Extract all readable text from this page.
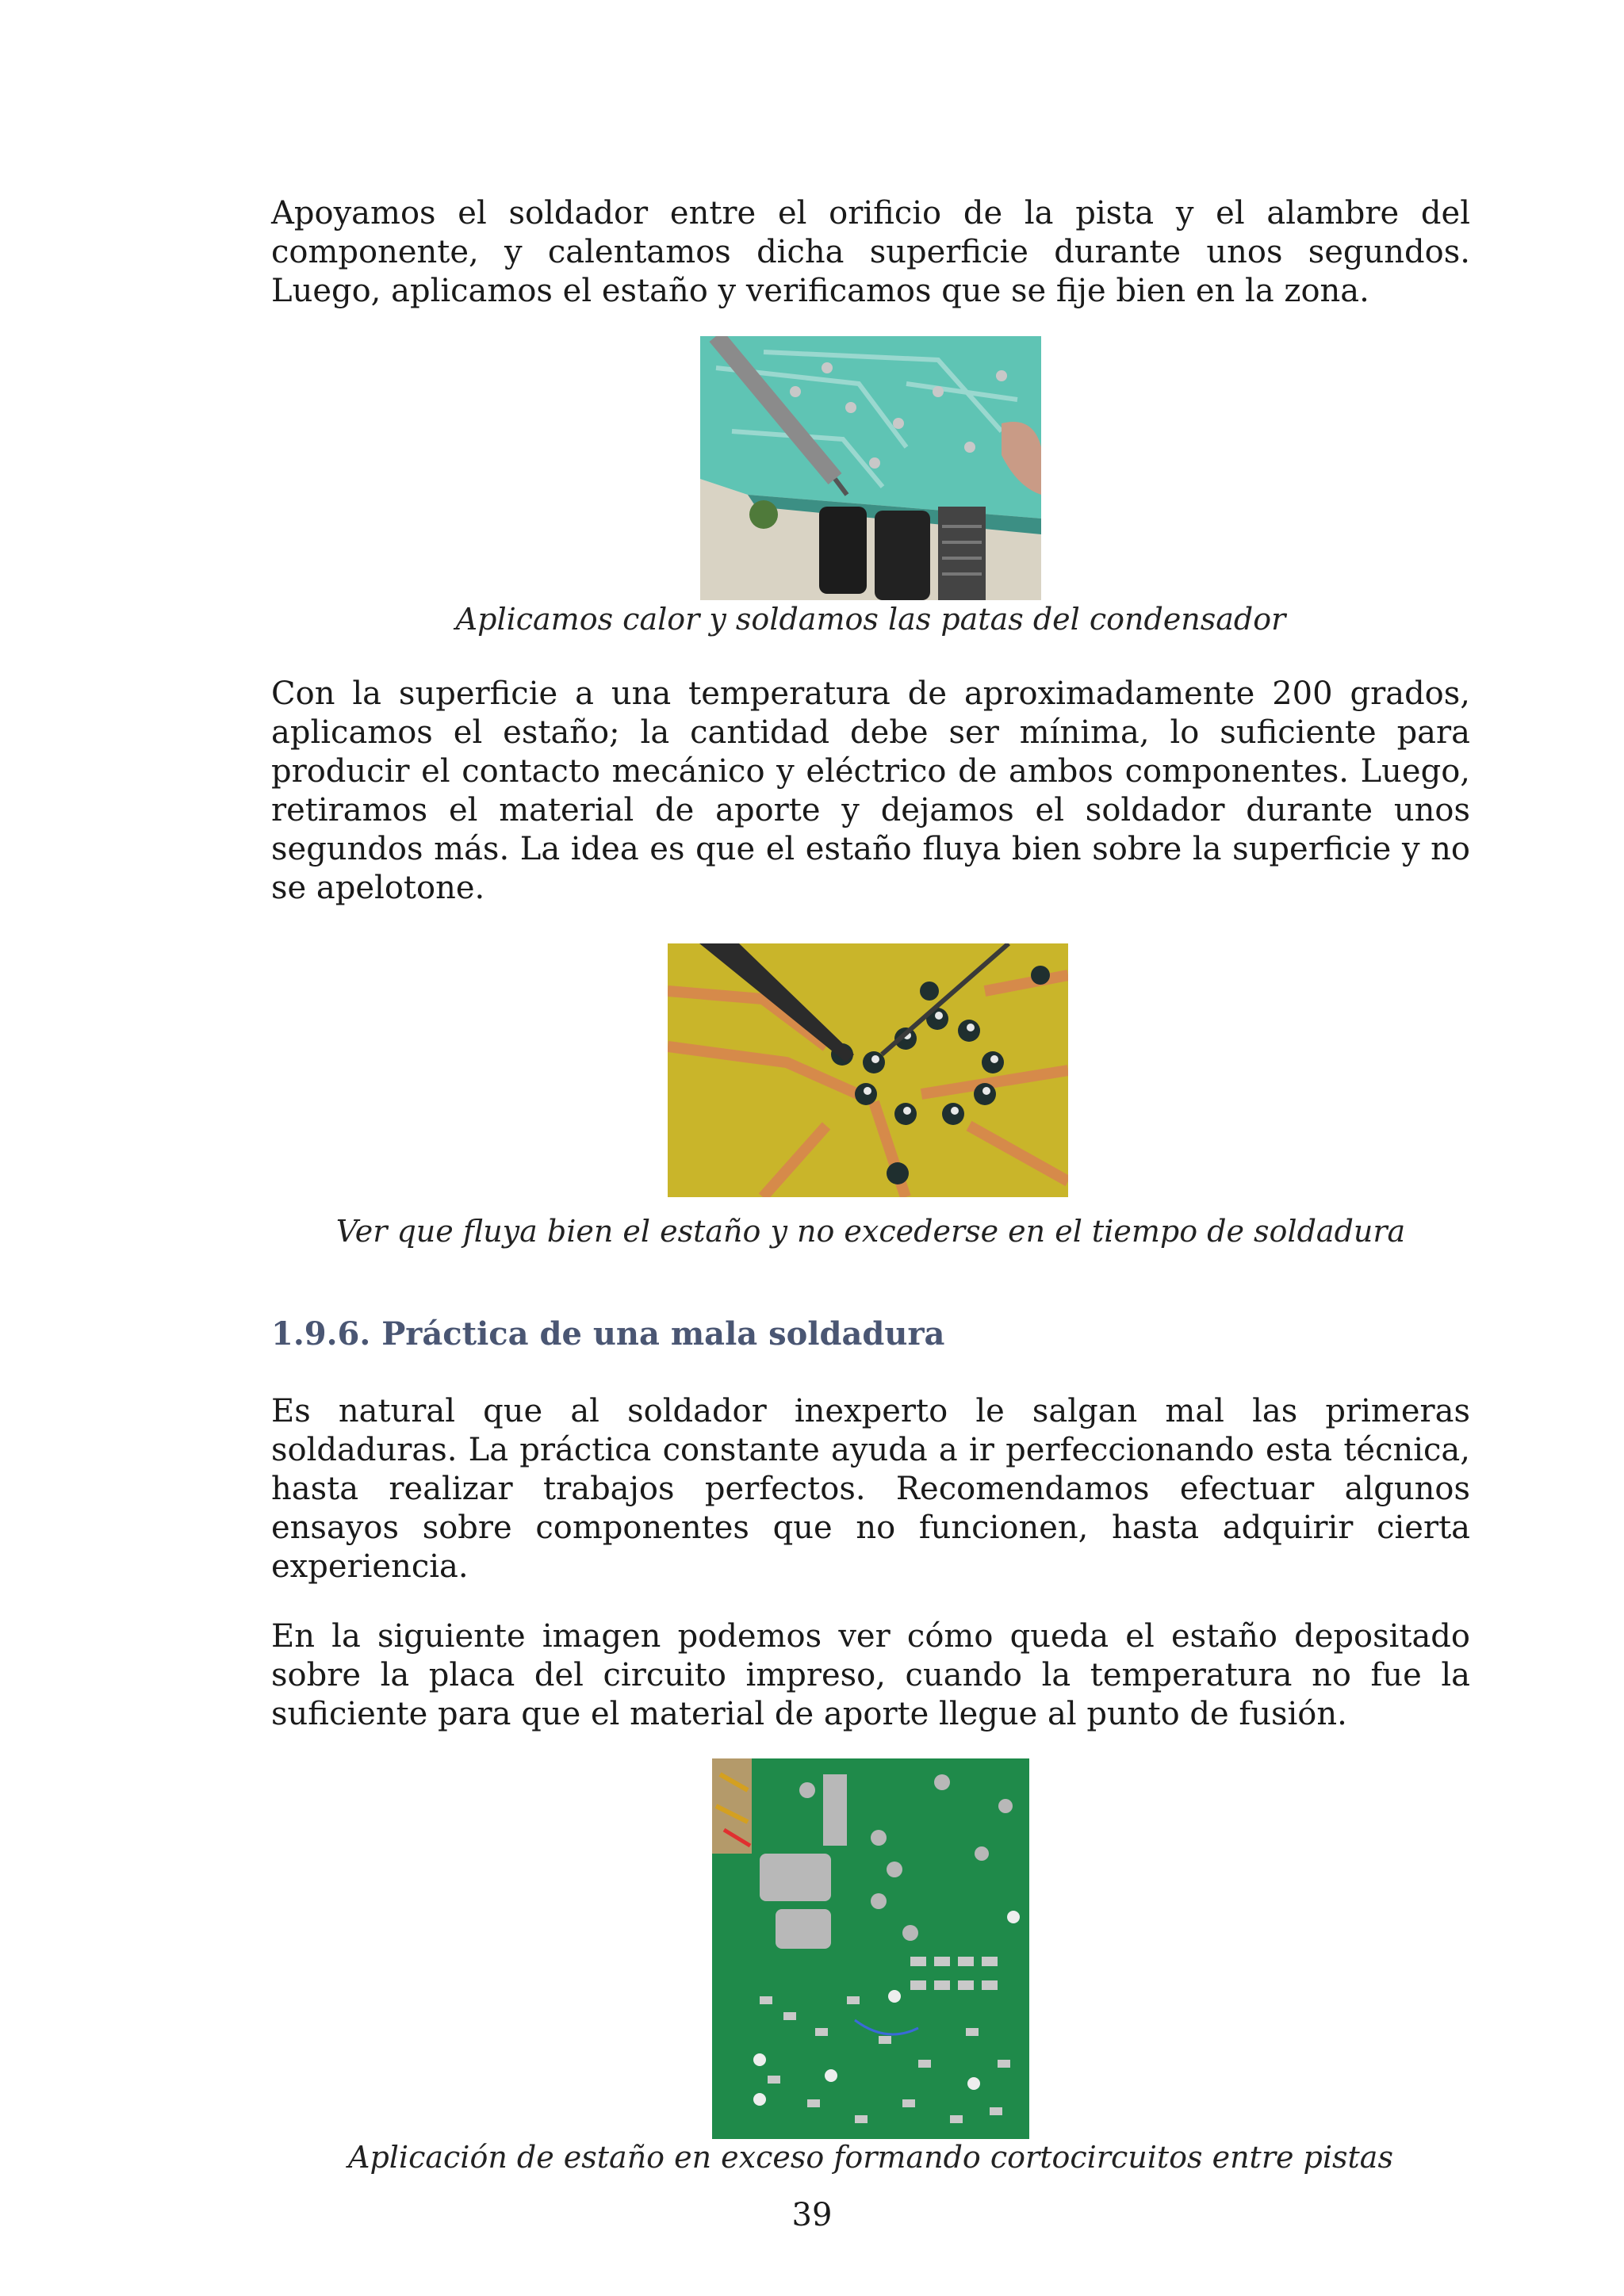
Apoyamos el soldador entre el orificio de la pista y el alambre del componente, y calentamos dicha superficie durante unos segundos. Luego, aplicamos el estaño y verificamos que se fije bien en la zona.

Aplicamos calor y soldamos las patas del condensador

Con la superficie a una temperatura de aproximadamente 200 grados, aplicamos el estaño; la cantidad debe ser mínima, lo suficiente para producir el contacto mecánico y eléctrico de ambos componentes. Luego, retiramos el material de aporte y dejamos el soldador durante unos segundos más. La idea es que el estaño fluya bien sobre la superficie y no se apelotone.

Ver que fluya bien el estaño y no excederse en el tiempo de soldadura

1.9.6. Práctica de una mala soldadura

Es natural que al soldador inexperto le salgan mal las primeras soldaduras. La práctica constante ayuda a ir perfeccionando esta técnica, hasta realizar trabajos perfectos. Recomendamos efectuar algunos ensayos sobre componentes que no funcionen, hasta adquirir cierta experiencia.

En la siguiente imagen podemos ver cómo queda el estaño depositado sobre la placa del circuito impreso, cuando la temperatura no fue la suficiente para que el material de aporte llegue al punto de fusión.

Aplicación de estaño en exceso formando cortocircuitos entre pistas

39
